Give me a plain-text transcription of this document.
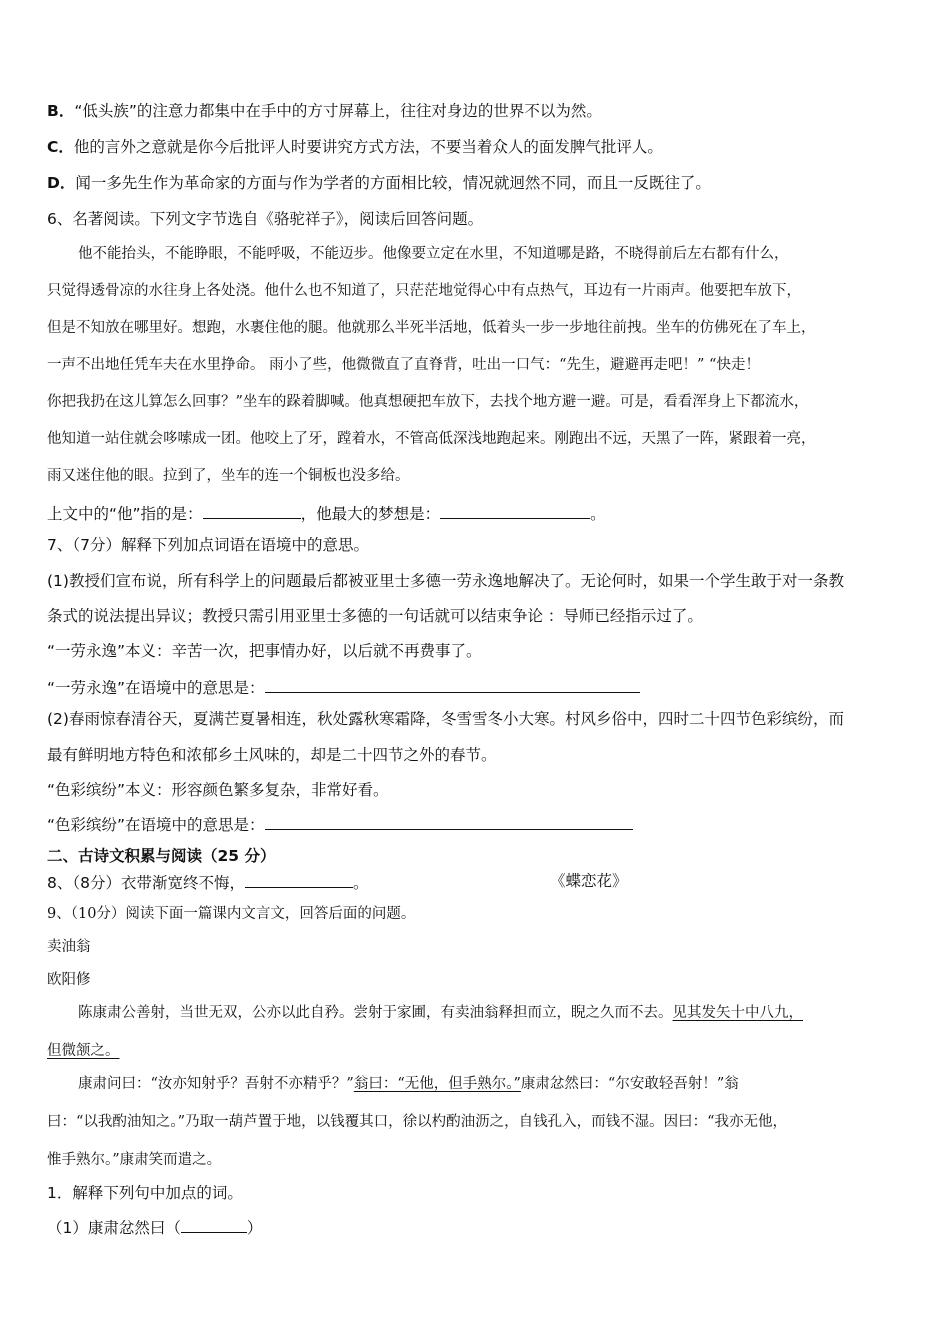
B．“低头族”的注意力都集中在手中的方寸屏幕上，往往对身边的世界不以为然。
C．他的言外之意就是你今后批评人时要讲究方式方法，不要当着众人的面发脾气批评人。
D．闻一多先生作为革命家的方面与作为学者的方面相比较，情况就迥然不同，而且一反既往了。
6、名著阅读。下列文字节选自《骆驼祥子》，阅读后回答问题。
他不能抬头，不能睁眼，不能呼吸，不能迈步。他像要立定在水里，不知道哪是路，不晓得前后左右都有什么，
只觉得透骨凉的水往身上各处浇。他什么也不知道了，只茫茫地觉得心中有点热气，耳边有一片雨声。他要把车放下，
但是不知放在哪里好。想跑，水裹住他的腿。他就那么半死半活地，低着头一步一步地往前拽。坐车的仿佛死在了车上，
一声不出地任凭车夫在水里挣命。 雨小了些，他微微直了直脊背，吐出一口气：“先生，避避再走吧！” “快走！
你把我扔在这儿算怎么回事？”坐车的跺着脚喊。他真想硬把车放下，去找个地方避一避。可是，看看浑身上下都流水，
他知道一站住就会哆嗦成一团。他咬上了牙，蹚着水，不管高低深浅地跑起来。刚跑出不远，天黑了一阵，紧跟着一亮，
雨又迷住他的眼。拉到了，坐车的连一个铜板也没多给。
上文中的“他”指的是：	，他最大的梦想是：	。
7、（7分）解释下列加点词语在语境中的意思。
(1)教授们宣布说，所有科学上的问题最后都被亚里士多德一劳永逸地解决了。无论何时，如果一个学生敢于对一条教
条式的说法提出异议；教授只需引用亚里士多德的一句话就可以结束争论 ：导师已经指示过了。
“一劳永逸”本义：辛苦一次，把事情办好，以后就不再费事了。
“一劳永逸”在语境中的意思是：
(2)春雨惊春清谷天，夏满芒夏暑相连，秋处露秋寒霜降，冬雪雪冬小大寒。村风乡俗中，四时二十四节色彩缤纷，而
最有鲜明地方特色和浓郁乡土风味的，却是二十四节之外的春节。
“色彩缤纷”本义：形容颜色繁多复杂，非常好看。
“色彩缤纷”在语境中的意思是：
二、古诗文积累与阅读（25 分）
8、（8分）衣带渐宽终不悔，	。	《蝶恋花》
9、（10分）阅读下面一篇课内文言文，回答后面的问题。
卖油翁
欧阳修
陈康肃公善射，当世无双，公亦以此自矜。尝射于家圃，有卖油翁释担而立，睨之久而不去。见其发矢十中八九，
但微颔之。
康肃问曰：“汝亦知射乎？吾射不亦精乎？”翁曰：“无他，但手熟尔。”康肃忿然曰：“尔安敢轻吾射！”翁
曰：“以我酌油知之。”乃取一葫芦置于地，以钱覆其口，徐以杓酌油沥之，自钱孔入，而钱不湿。因曰：“我亦无他，
惟手熟尔。”康肃笑而遣之。
1．解释下列句中加点的词。
（1）康肃忿然曰（	）
